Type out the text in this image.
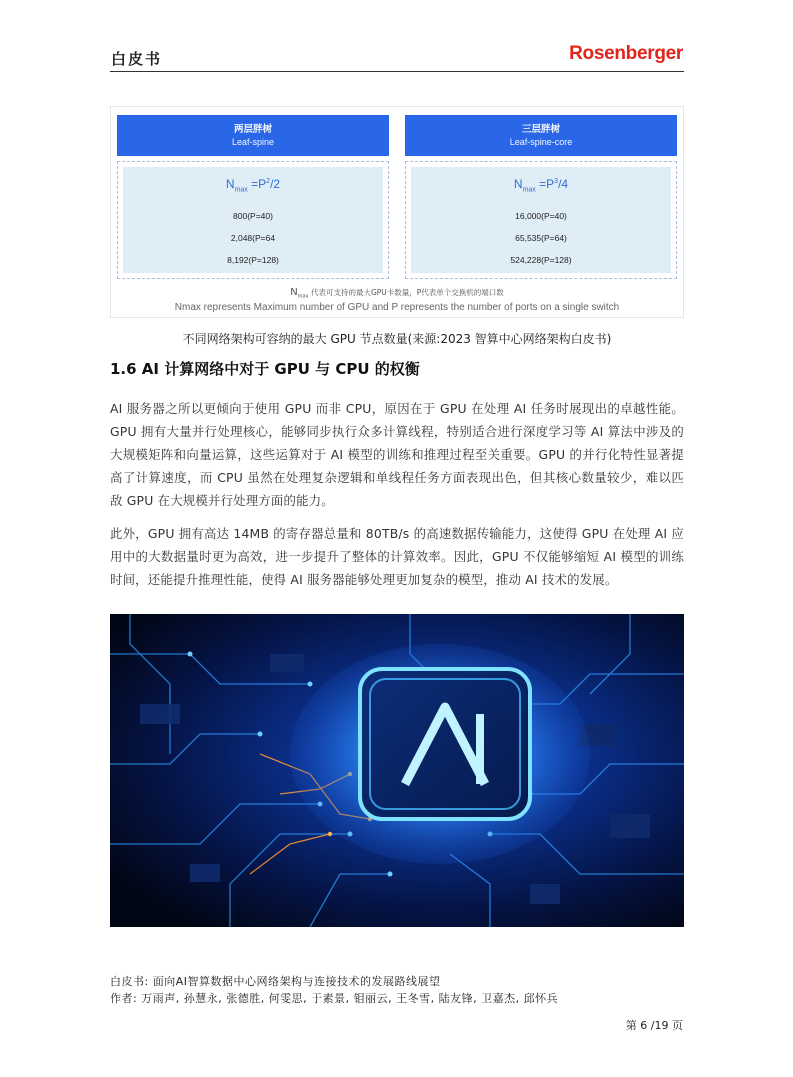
白皮书	Rosenberger
两层胖树
Leaf-spine
$N_{max} =P^2/2$
800(P=40)
2,048(P=64
8,192(P=128)
三层胖树
Leaf-spine-core
$N_{max} =P^3/4$
16,000(P=40)
65,535(P=64)
524,228(P=128)
$N_{max}$ 代表可支持的最大GPU卡数量，P代表单个交换机的端口数
Nmax represents Maximum number of GPU and P represents the number of ports on a single switch
不同网络架构可容纳的最大 GPU 节点数量(来源:2023 智算中心网络架构白皮书)
1.6 AI 计算网络中对于 GPU 与 CPU 的权衡
AI 服务器之所以更倾向于使用 GPU 而非 CPU，原因在于 GPU 在处理 AI 任务时展现出的卓越性能。GPU 拥有大量并行处理核心，能够同步执行众多计算线程，特别适合进行深度学习等 AI 算法中涉及的大规模矩阵和向量运算，这些运算对于 AI 模型的训练和推理过程至关重要。GPU 的并行化特性显著提高了计算速度，而 CPU 虽然在处理复杂逻辑和单线程任务方面表现出色，但其核心数量较少，难以匹敌 GPU 在大规模并行处理方面的能力。
此外，GPU 拥有高达 14MB 的寄存器总量和 80TB/s 的高速数据传输能力，这使得 GPU 在处理 AI 应用中的大数据量时更为高效，进一步提升了整体的计算效率。因此，GPU 不仅能够缩短 AI 模型的训练时间，还能提升推理性能，使得 AI 服务器能够处理更加复杂的模型，推动 AI 技术的发展。
白皮书: 面向AI智算数据中心网络架构与连接技术的发展路线展望
作者: 万雨声, 孙慧永, 张德胜, 何雯思, 于素景, 钼丽云, 王冬雪, 陆友锋, 卫嘉杰, 邱怀兵
第 6 /19 页
